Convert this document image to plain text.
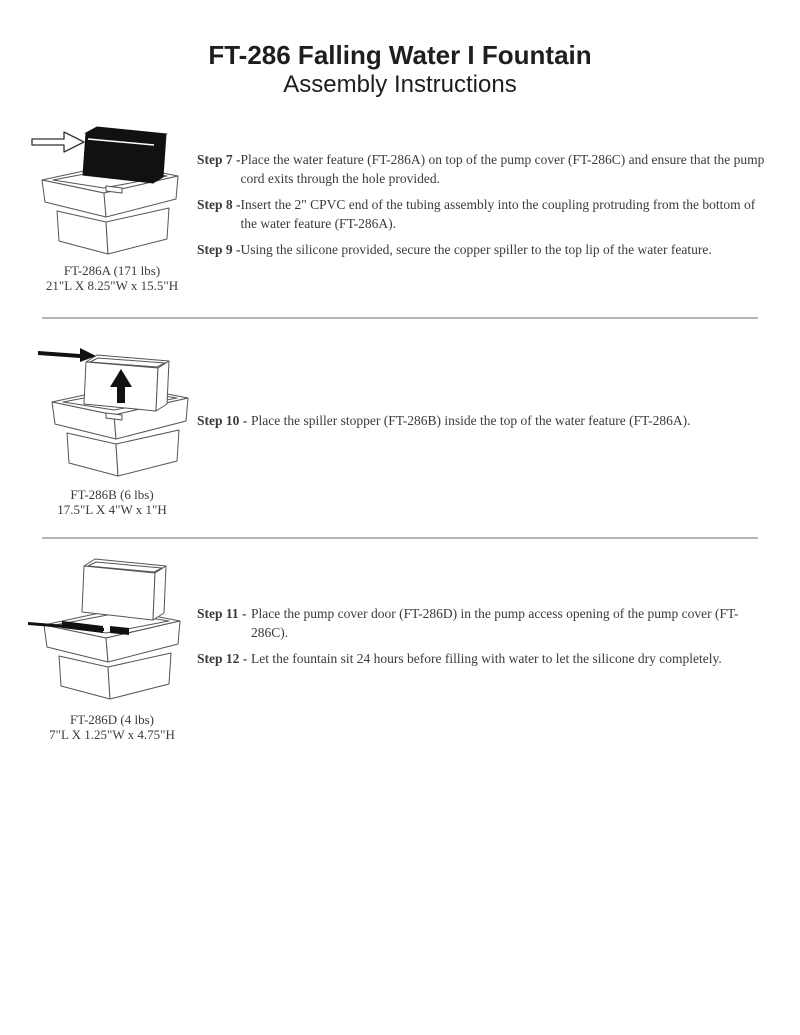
FT-286 Falling Water I Fountain
Assembly Instructions
FT-286A (171 lbs)
21"L X 8.25"W x 15.5"H
Step 7 - Place the water feature (FT-286A) on top of the pump cover (FT-286C) and ensure that the pump cord exits through the hole provided.
Step 8 - Insert the 2" CPVC end of the tubing assembly into the coupling protruding from the bottom of the water feature (FT-286A).
Step 9 - Using the silicone provided, secure the copper spiller to the top lip of the water feature.
FT-286B (6 lbs)
17.5"L X 4"W x 1"H
Step 10 - Place the spiller stopper (FT-286B) inside the top of the water feature (FT-286A).
FT-286D (4 lbs)
7"L X 1.25"W x 4.75"H
Step 11 - Place the pump cover door (FT-286D) in the pump access opening of the pump cover (FT-286C).
Step 12 - Let the fountain sit 24 hours before filling with water to let the silicone dry completely.
